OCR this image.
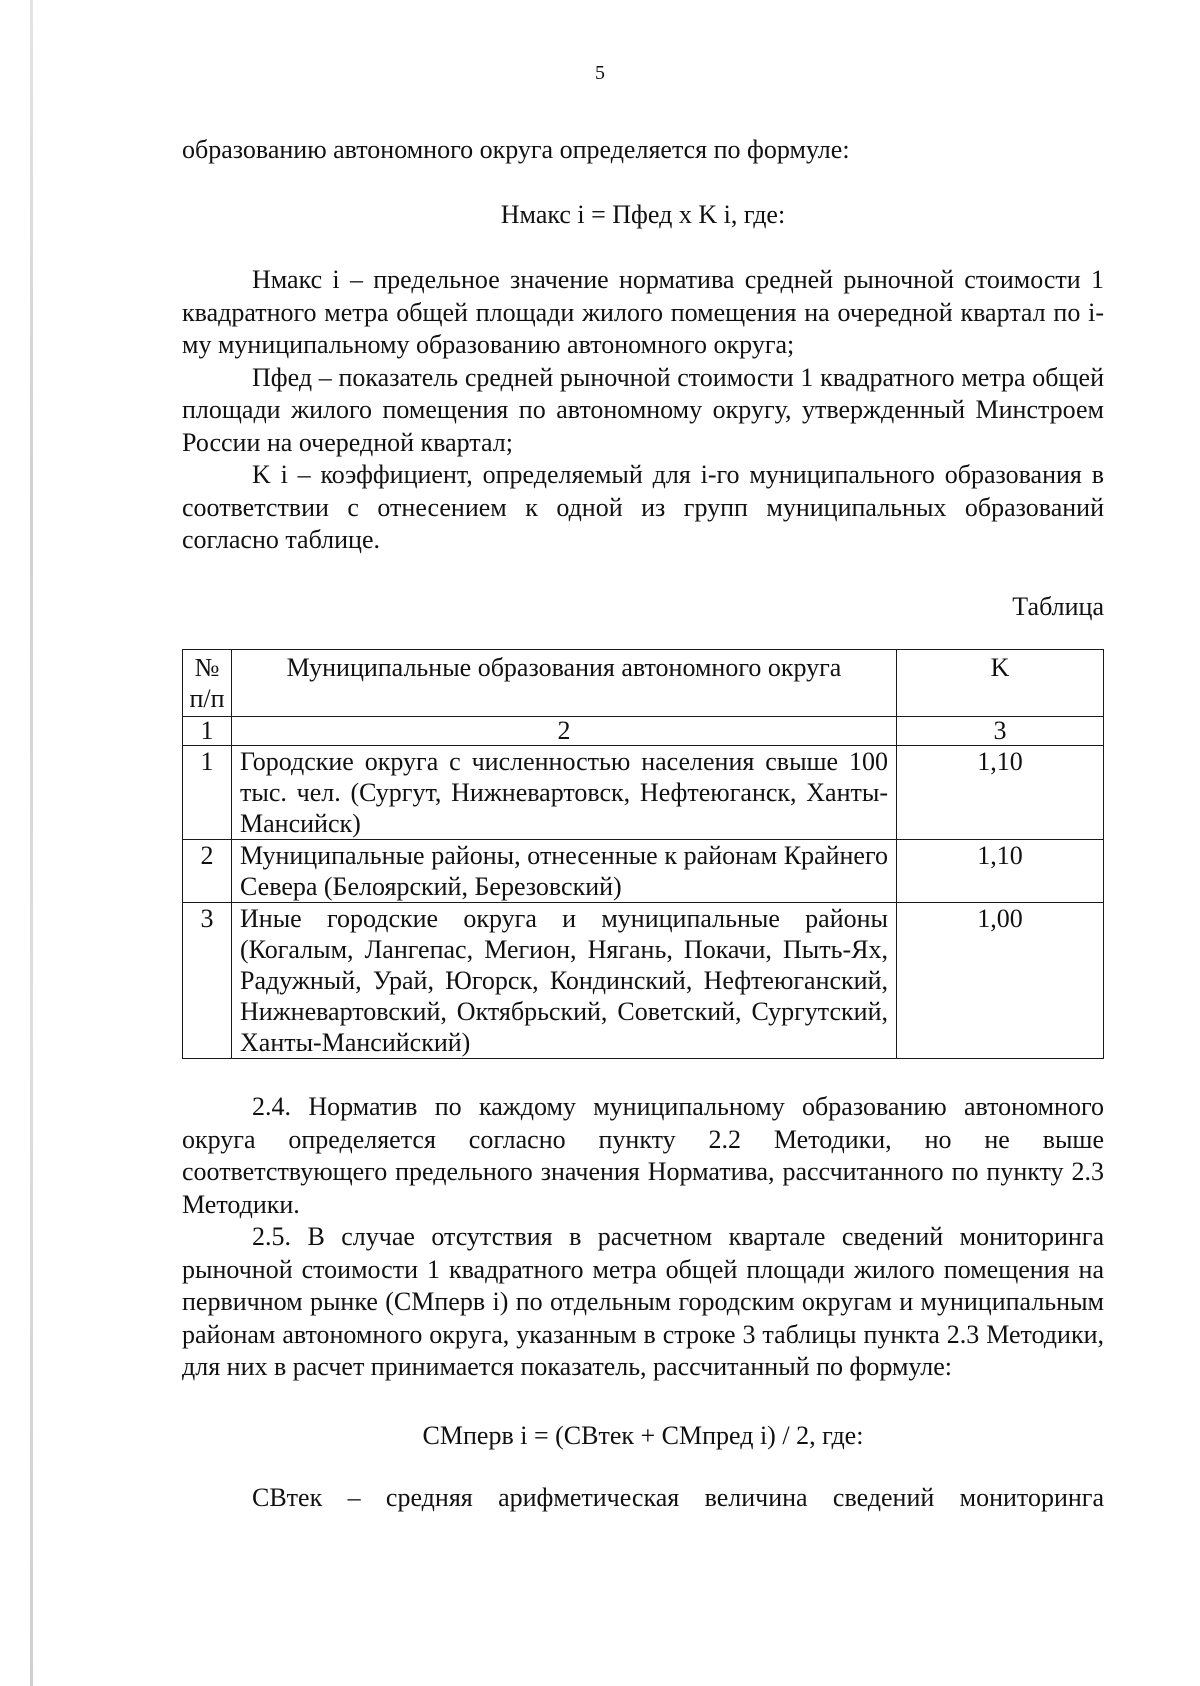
5

образованию автономного округа определяется по формуле:

Нмакс i = Пфед х K i, где:

Нмакс i – предельное значение норматива средней рыночной стоимости 1 квадратного метра общей площади жилого помещения на очередной квартал по i-му муниципальному образованию автономного округа;

Пфед – показатель средней рыночной стоимости 1 квадратного метра общей площади жилого помещения по автономному округу, утвержденный Минстроем России на очередной квартал;

K i – коэффициент, определяемый для i-го муниципального образования в соответствии с отнесением к одной из групп муниципальных образований согласно таблице.

Таблица

№ п/п	Муниципальные образования автономного округа	K
1	2	3
1	Городские округа с численностью населения свыше 100 тыс. чел. (Сургут, Нижневартовск, Нефтеюганск, Ханты-Мансийск)	1,10
2	Муниципальные районы, отнесенные к районам Крайнего Севера (Белоярский, Березовский)	1,10
3	Иные городские округа и муниципальные районы (Когалым, Лангепас, Мегион, Нягань, Покачи, Пыть-Ях, Радужный, Урай, Югорск, Кондинский, Нефтеюганский, Нижневартовский, Октябрьский, Советский, Сургутский, Ханты-Мансийский)	1,00

2.4. Норматив по каждому муниципальному образованию автономного округа определяется согласно пункту 2.2 Методики, но не выше соответствующего предельного значения Норматива, рассчитанного по пункту 2.3 Методики.

2.5. В случае отсутствия в расчетном квартале сведений мониторинга рыночной стоимости 1 квадратного метра общей площади жилого помещения на первичном рынке (СМперв i) по отдельным городским округам и муниципальным районам автономного округа, указанным в строке 3 таблицы пункта 2.3 Методики, для них в расчет принимается показатель, рассчитанный по формуле:

СМперв i = (СВтек + СМпред i) / 2, где:

СВтек – средняя арифметическая величина сведений мониторинга
